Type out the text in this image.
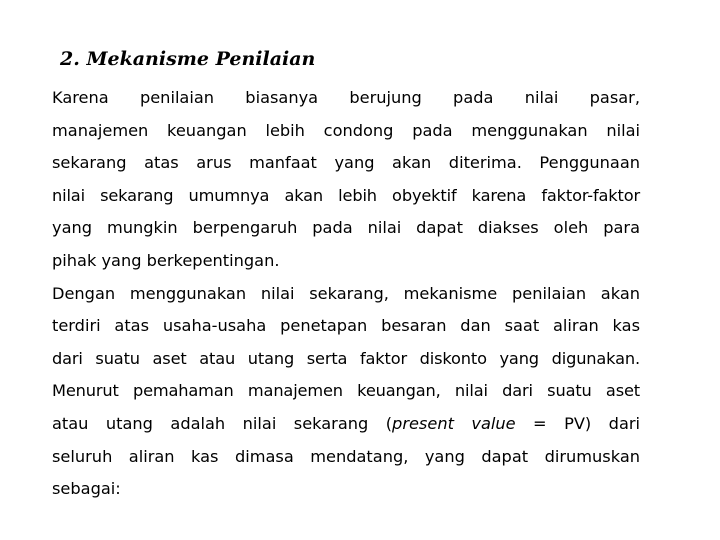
2. Mekanisme Penilaian
Karena penilaian biasanya berujung pada nilai pasar,
manajemen keuangan lebih condong pada menggunakan nilai
sekarang atas arus manfaat yang akan diterima. Penggunaan
nilai sekarang umumnya akan lebih obyektif karena faktor-faktor
yang mungkin berpengaruh pada nilai dapat diakses oleh para
pihak yang berkepentingan.
Dengan menggunakan nilai sekarang, mekanisme penilaian akan
terdiri atas usaha-usaha penetapan besaran dan saat aliran kas
dari suatu aset atau utang serta faktor diskonto yang digunakan.
Menurut pemahaman manajemen keuangan, nilai dari suatu aset
atau utang adalah nilai sekarang (present value = PV) dari
seluruh aliran kas dimasa mendatang, yang dapat dirumuskan
sebagai:
